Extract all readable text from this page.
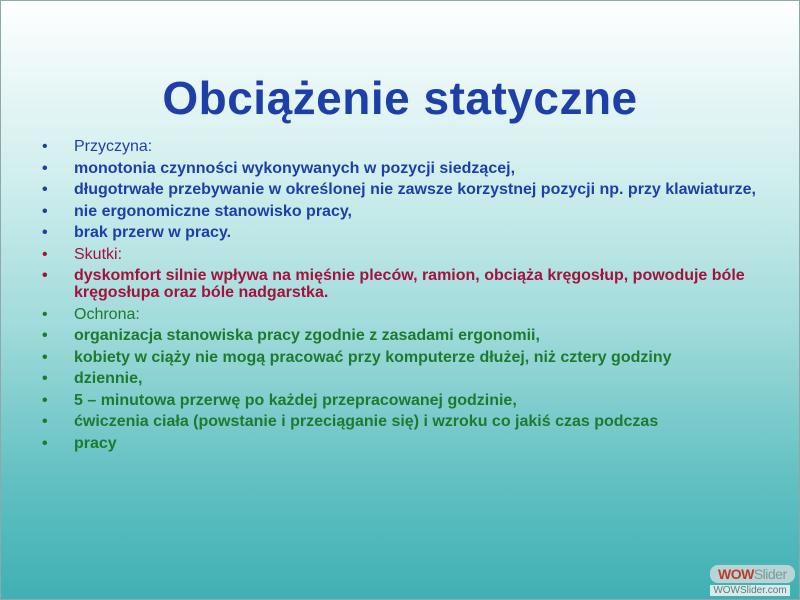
Obciążenie statyczne
• Przyczyna:
• monotonia czynności wykonywanych w pozycji siedzącej,
• długotrwałe przebywanie w określonej nie zawsze korzystnej pozycji np. przy klawiaturze,
• nie ergonomiczne stanowisko pracy,
• brak przerw w pracy.
• Skutki:
• dyskomfort silnie wpływa na mięśnie pleców, ramion, obciąża kręgosłup, powoduje bóle kręgosłupa oraz bóle nadgarstka.
• Ochrona:
• organizacja stanowiska pracy zgodnie z zasadami ergonomii,
• kobiety w ciąży nie mogą pracować przy komputerze dłużej, niż cztery godziny
• dziennie,
• 5 – minutowa przerwę po każdej przepracowanej godzinie,
• ćwiczenia ciała (powstanie i przeciąganie się) i wzroku co jakiś czas podczas
• pracy
WOWSlider
WOWSlider.com
